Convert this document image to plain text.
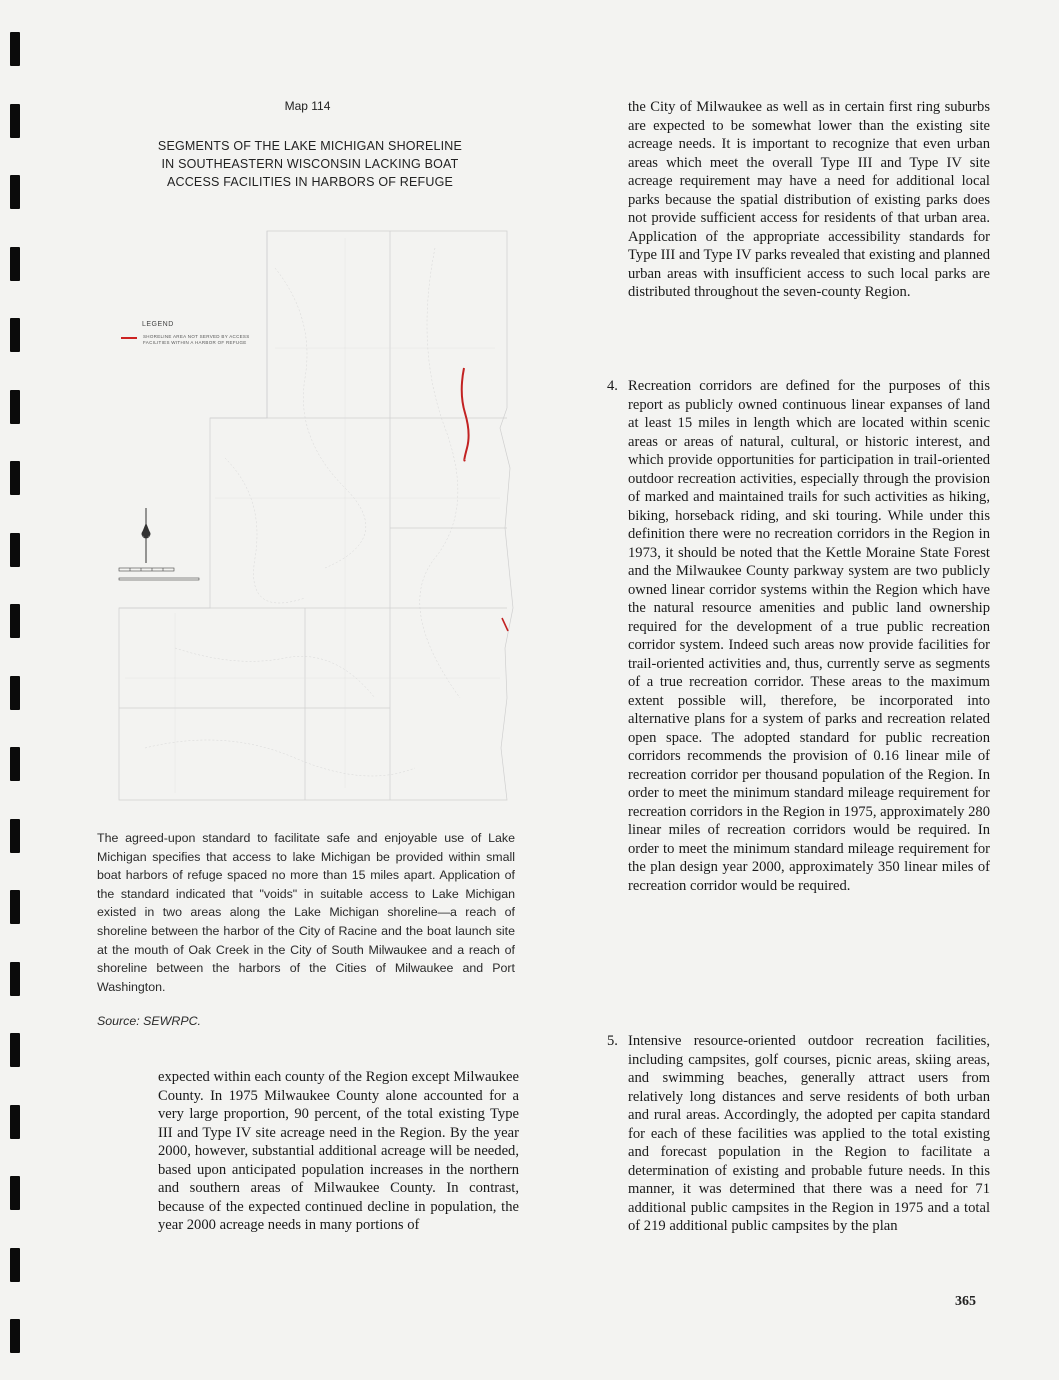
Map 114
SEGMENTS OF THE LAKE MICHIGAN SHORELINE
IN SOUTHEASTERN WISCONSIN LACKING BOAT
ACCESS FACILITIES IN HARBORS OF REFUGE
LEGEND
SHORELINE AREA NOT SERVED BY ACCESS FACILITIES WITHIN A HARBOR OF REFUGE
The agreed-upon standard to facilitate safe and enjoyable use of Lake Michigan specifies that access to lake Michigan be provided within small boat harbors of refuge spaced no more than 15 miles apart. Application of the standard indicated that "voids" in suitable access to Lake Michigan existed in two areas along the Lake Michigan shoreline—a reach of shoreline between the harbor of the City of Racine and the boat launch site at the mouth of Oak Creek in the City of South Milwaukee and a reach of shoreline between the harbors of the Cities of Milwaukee and Port Washington.
Source: SEWRPC.
expected within each county of the Region except Milwaukee County. In 1975 Milwaukee County alone accounted for a very large proportion, 90 percent, of the total existing Type III and Type IV site acreage need in the Region. By the year 2000, however, substantial additional acreage will be needed, based upon anticipated population increases in the northern and southern areas of Milwaukee County. In contrast, because of the expected continued decline in population, the year 2000 acreage needs in many portions of
the City of Milwaukee as well as in certain first ring suburbs are expected to be somewhat lower than the existing site acreage needs. It is important to recognize that even urban areas which meet the overall Type III and Type IV site acreage requirement may have a need for additional local parks because the spatial distribution of existing parks does not provide sufficient access for residents of that urban area. Application of the appropriate accessibility standards for Type III and Type IV parks revealed that existing and planned urban areas with insufficient access to such local parks are distributed throughout the seven-county Region.
4. Recreation corridors are defined for the purposes of this report as publicly owned continuous linear expanses of land at least 15 miles in length which are located within scenic areas or areas of natural, cultural, or historic interest, and which provide opportunities for participation in trail-oriented outdoor recreation activities, especially through the provision of marked and maintained trails for such activities as hiking, biking, horseback riding, and ski touring. While under this definition there were no recreation corridors in the Region in 1973, it should be noted that the Kettle Moraine State Forest and the Milwaukee County parkway system are two publicly owned linear corridor systems within the Region which have the natural resource amenities and public land ownership required for the development of a true public recreation corridor system. Indeed such areas now provide facilities for trail-oriented activities and, thus, currently serve as segments of a true recreation corridor. These areas to the maximum extent possible will, therefore, be incorporated into alternative plans for a system of parks and recreation related open space. The adopted standard for public recreation corridors recommends the provision of 0.16 linear mile of recreation corridor per thousand population of the Region. In order to meet the minimum standard mileage requirement for recreation corridors in the Region in 1975, approximately 280 linear miles of recreation corridors would be required. In order to meet the minimum standard mileage requirement for the plan design year 2000, approximately 350 linear miles of recreation corridor would be required.
5. Intensive resource-oriented outdoor recreation facilities, including campsites, golf courses, picnic areas, skiing areas, and swimming beaches, generally attract users from relatively long distances and serve residents of both urban and rural areas. Accordingly, the adopted per capita standard for each of these facilities was applied to the total existing and forecast population in the Region to facilitate a determination of existing and probable future needs. In this manner, it was determined that there was a need for 71 additional public campsites in the Region in 1975 and a total of 219 additional public campsites by the plan
365
